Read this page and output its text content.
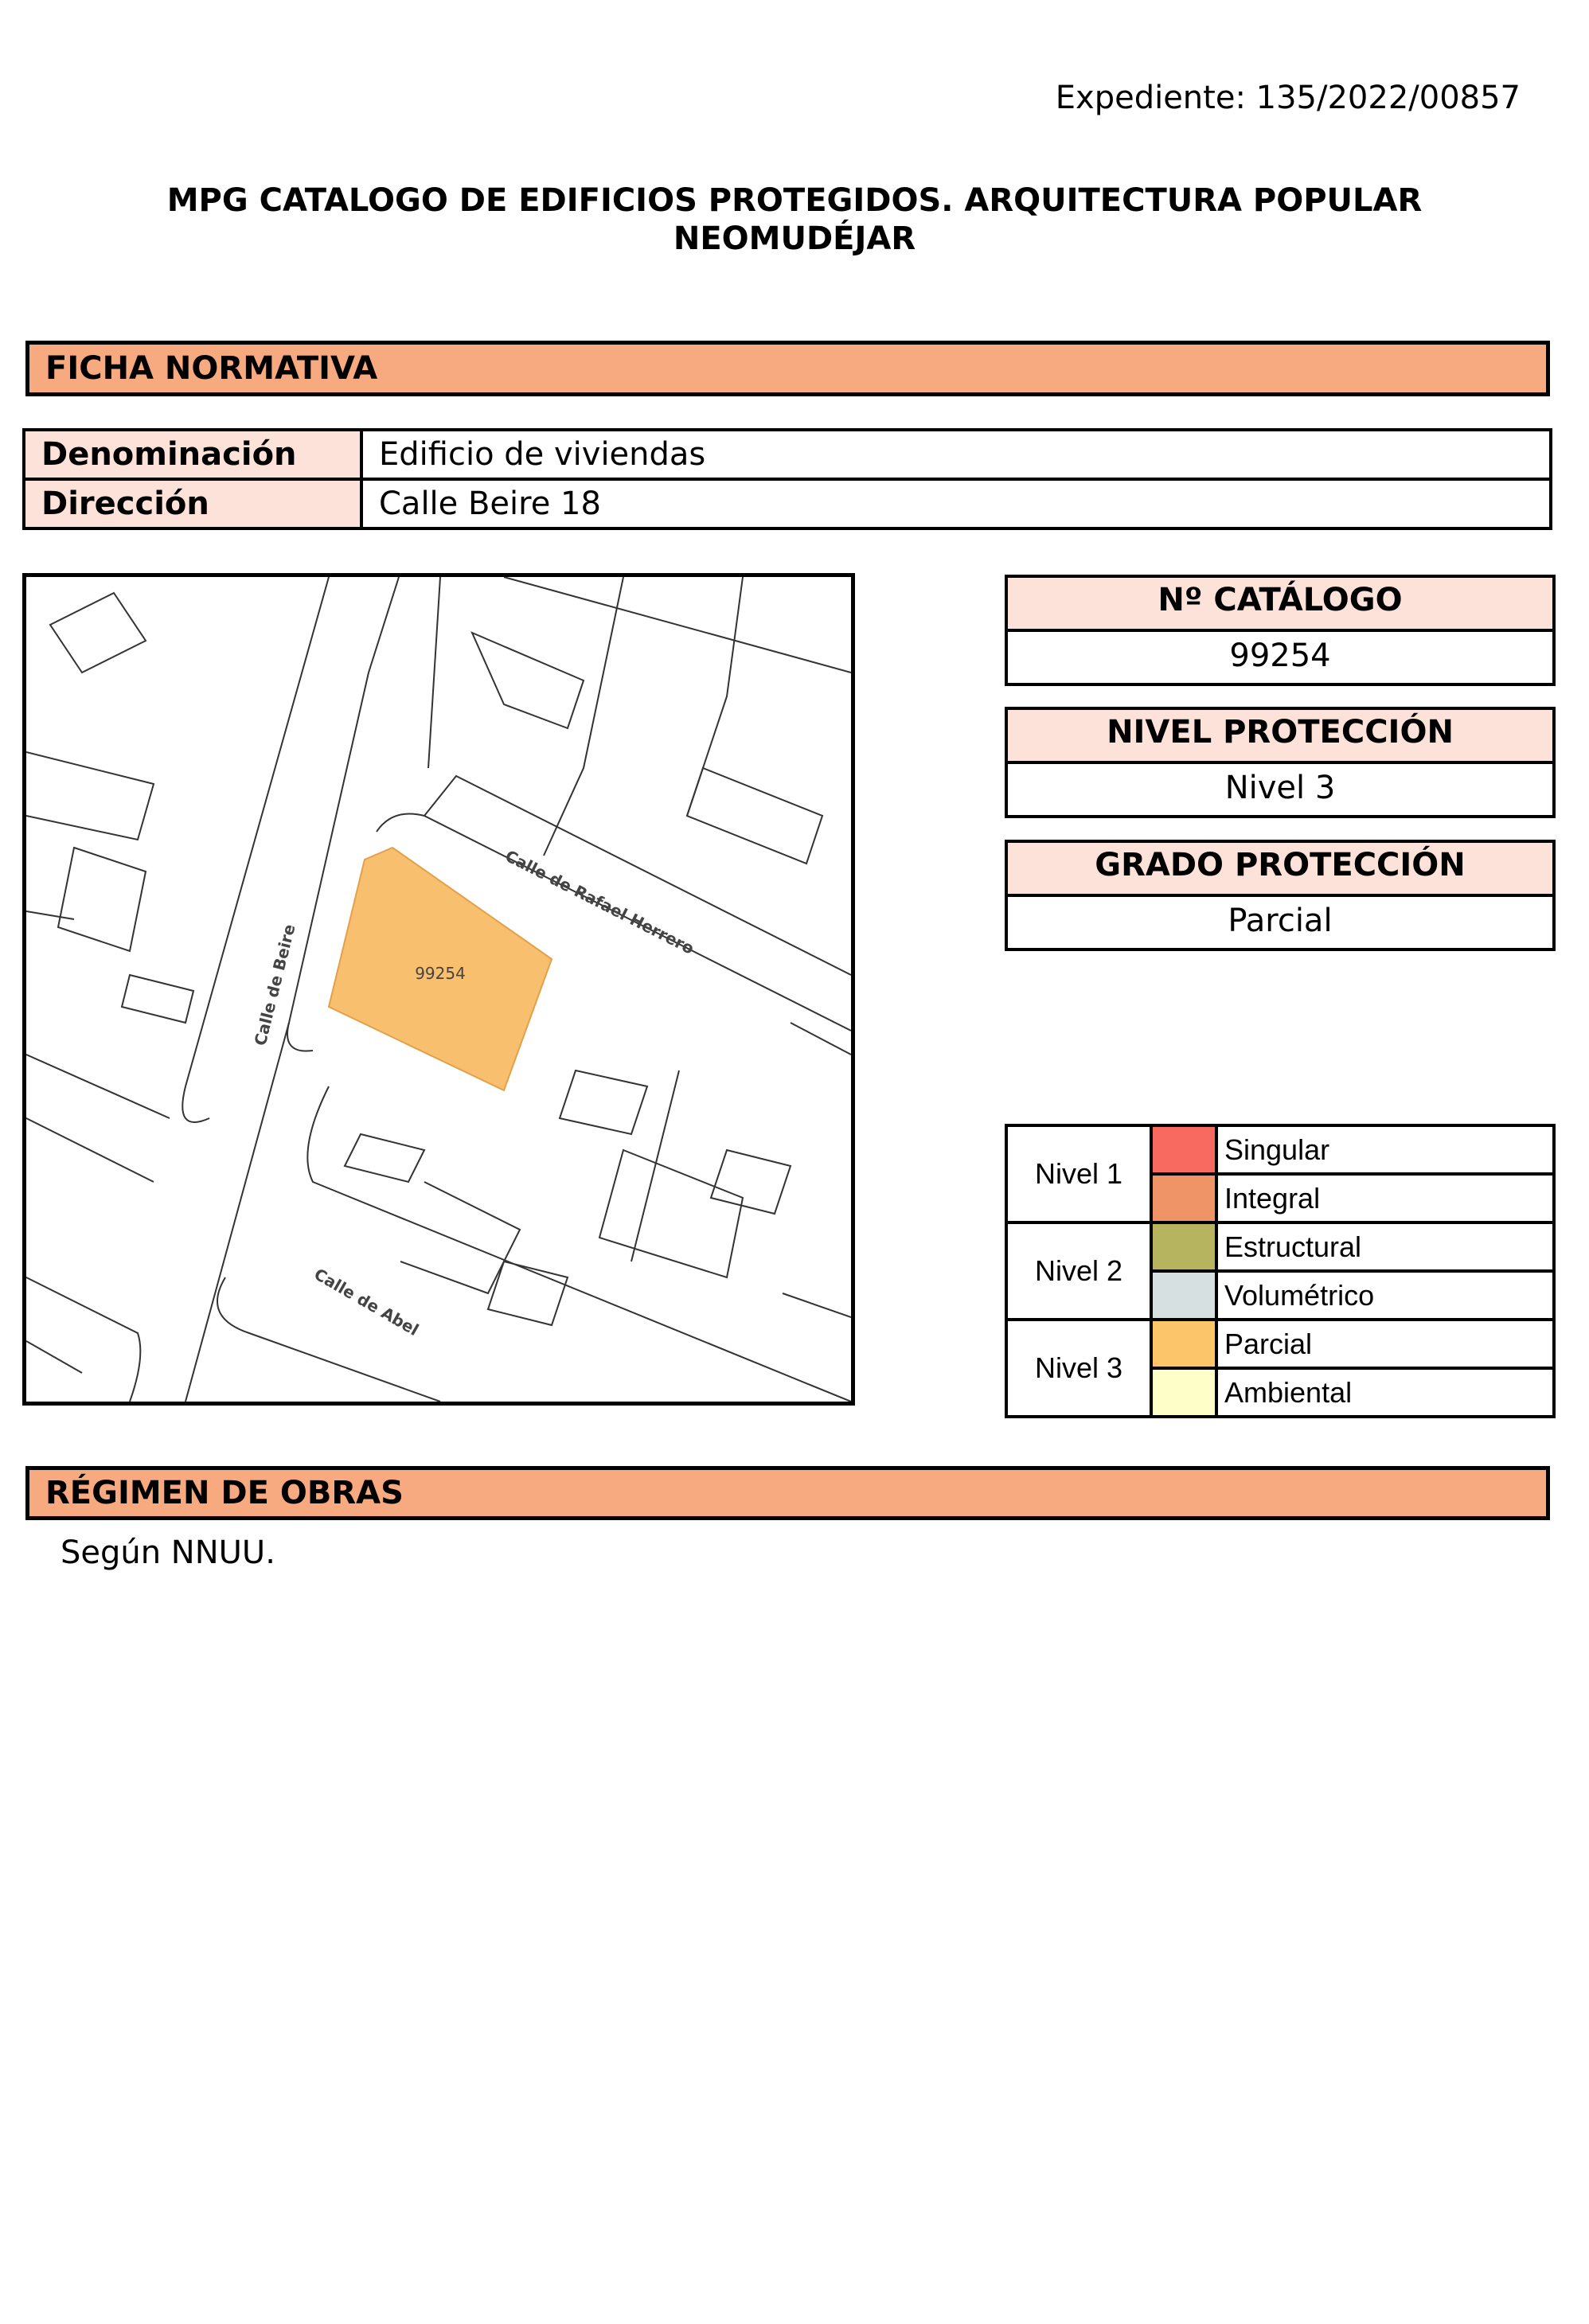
Expediente: 135/2022/00857
MPG CATALOGO DE EDIFICIOS PROTEGIDOS. ARQUITECTURA POPULAR
NEOMUDÉJAR
FICHA NORMATIVA
Denominación	Edificio de viviendas
Dirección	Calle Beire 18
99254
Calle de Rafael Herrero
Calle de Beire
Calle de Abel
Nº CATÁLOGO
99254
NIVEL PROTECCIÓN
Nivel 3
GRADO PROTECCIÓN
Parcial
Nivel 1		Singular
		Integral
Nivel 2		Estructural
		Volumétrico
Nivel 3		Parcial
		Ambiental
RÉGIMEN DE OBRAS
Según NNUU.
